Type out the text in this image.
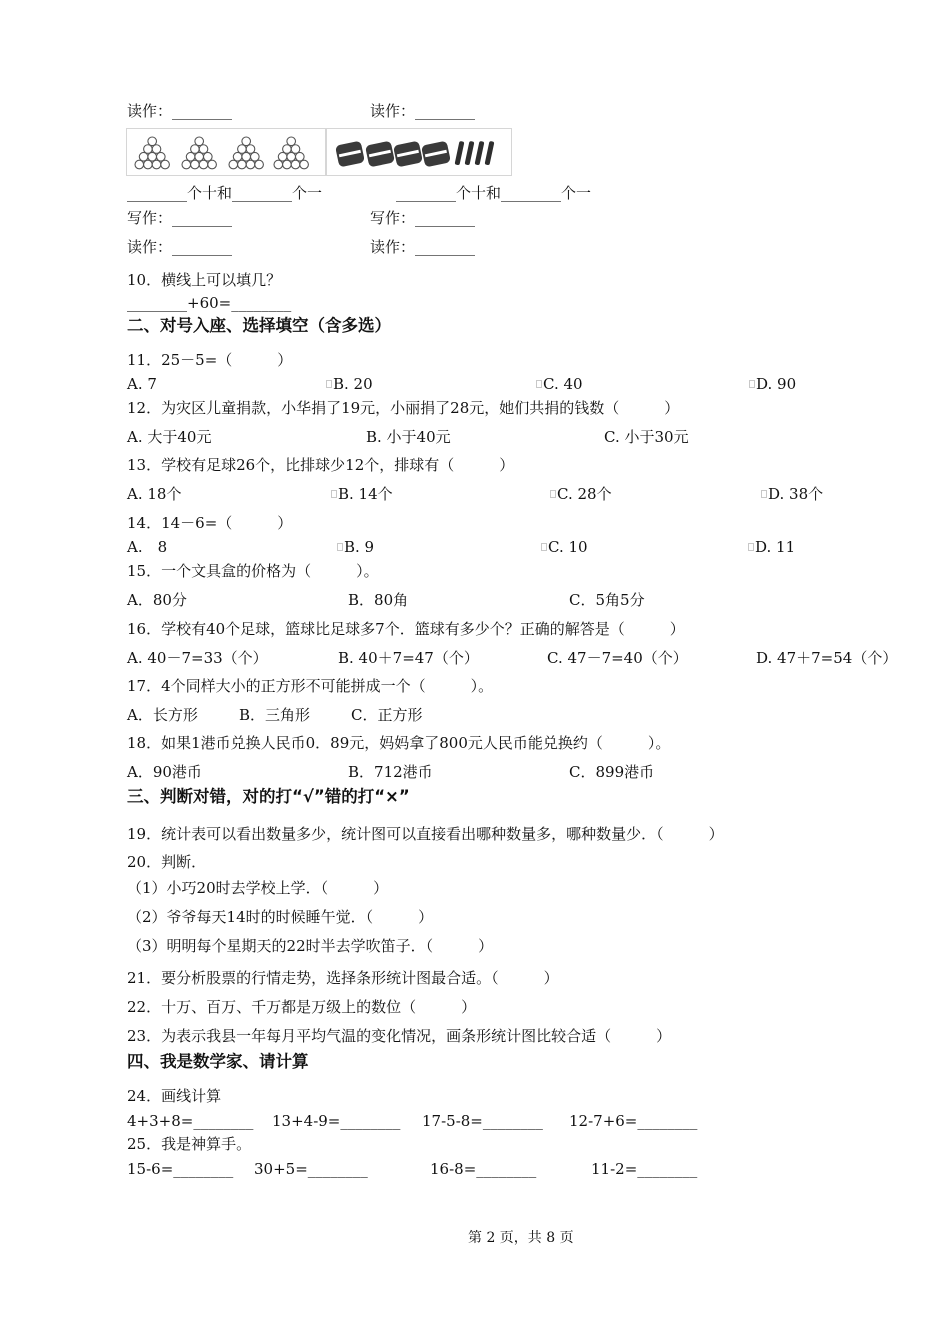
读作：________	读作：________
________个十和________个一	________个十和________个一
写作：________	写作：________
读作：________	读作：________
10．横线上可以填几？
________+60=________
二、对号入座、选择填空（含多选）
11．25－5=（　　　）
A. 7	B. 20	C. 40	D. 90
12．为灾区儿童捐款，小华捐了19元，小丽捐了28元，她们共捐的钱数（　　　）
A. 大于40元	B. 小于40元	C. 小于30元
13．学校有足球26个，比排球少12个，排球有（　　　）
A. 18个	B. 14个	C. 28个	D. 38个
14．14－6=（　　　）
A.　8	B. 9	C. 10	D. 11
15．一个文具盒的价格为（　　　）。
A．80分	B．80角	C．5角5分
16．学校有40个足球，篮球比足球多7个．篮球有多少个？正确的解答是（　　　）
A. 40－7=33（个）	B. 40＋7=47（个）	C. 47－7=40（个）	D. 47＋7=54（个）
17．4个同样大小的正方形不可能拼成一个（　　　）。
A．长方形	B．三角形	C．正方形
18．如果1港币兑换人民币0．89元，妈妈拿了800元人民币能兑换约（　　　）。
A．90港币	B．712港币	C．899港币
三、判断对错，对的打“√”错的打“×”
19．统计表可以看出数量多少，统计图可以直接看出哪种数量多，哪种数量少．（　　　）
20．判断．
（1）小巧20时去学校上学．（　　　）
（2）爷爷每天14时的时候睡午觉．（　　　）
（3）明明每个星期天的22时半去学吹笛子．（　　　）
21．要分析股票的行情走势，选择条形统计图最合适。（　　　）
22．十万、百万、千万都是万级上的数位（　　　）
23．为表示我县一年每月平均气温的变化情况，画条形统计图比较合适（　　　）
四、我是数学家、请计算
24．画线计算
4+3+8=________ 13+4-9=________ 17-5-8=________ 12-7+6=________
25．我是神算手。
15-6=________ 30+5=________	16-8=________	11-2=________
第 2 页，共 8 页
